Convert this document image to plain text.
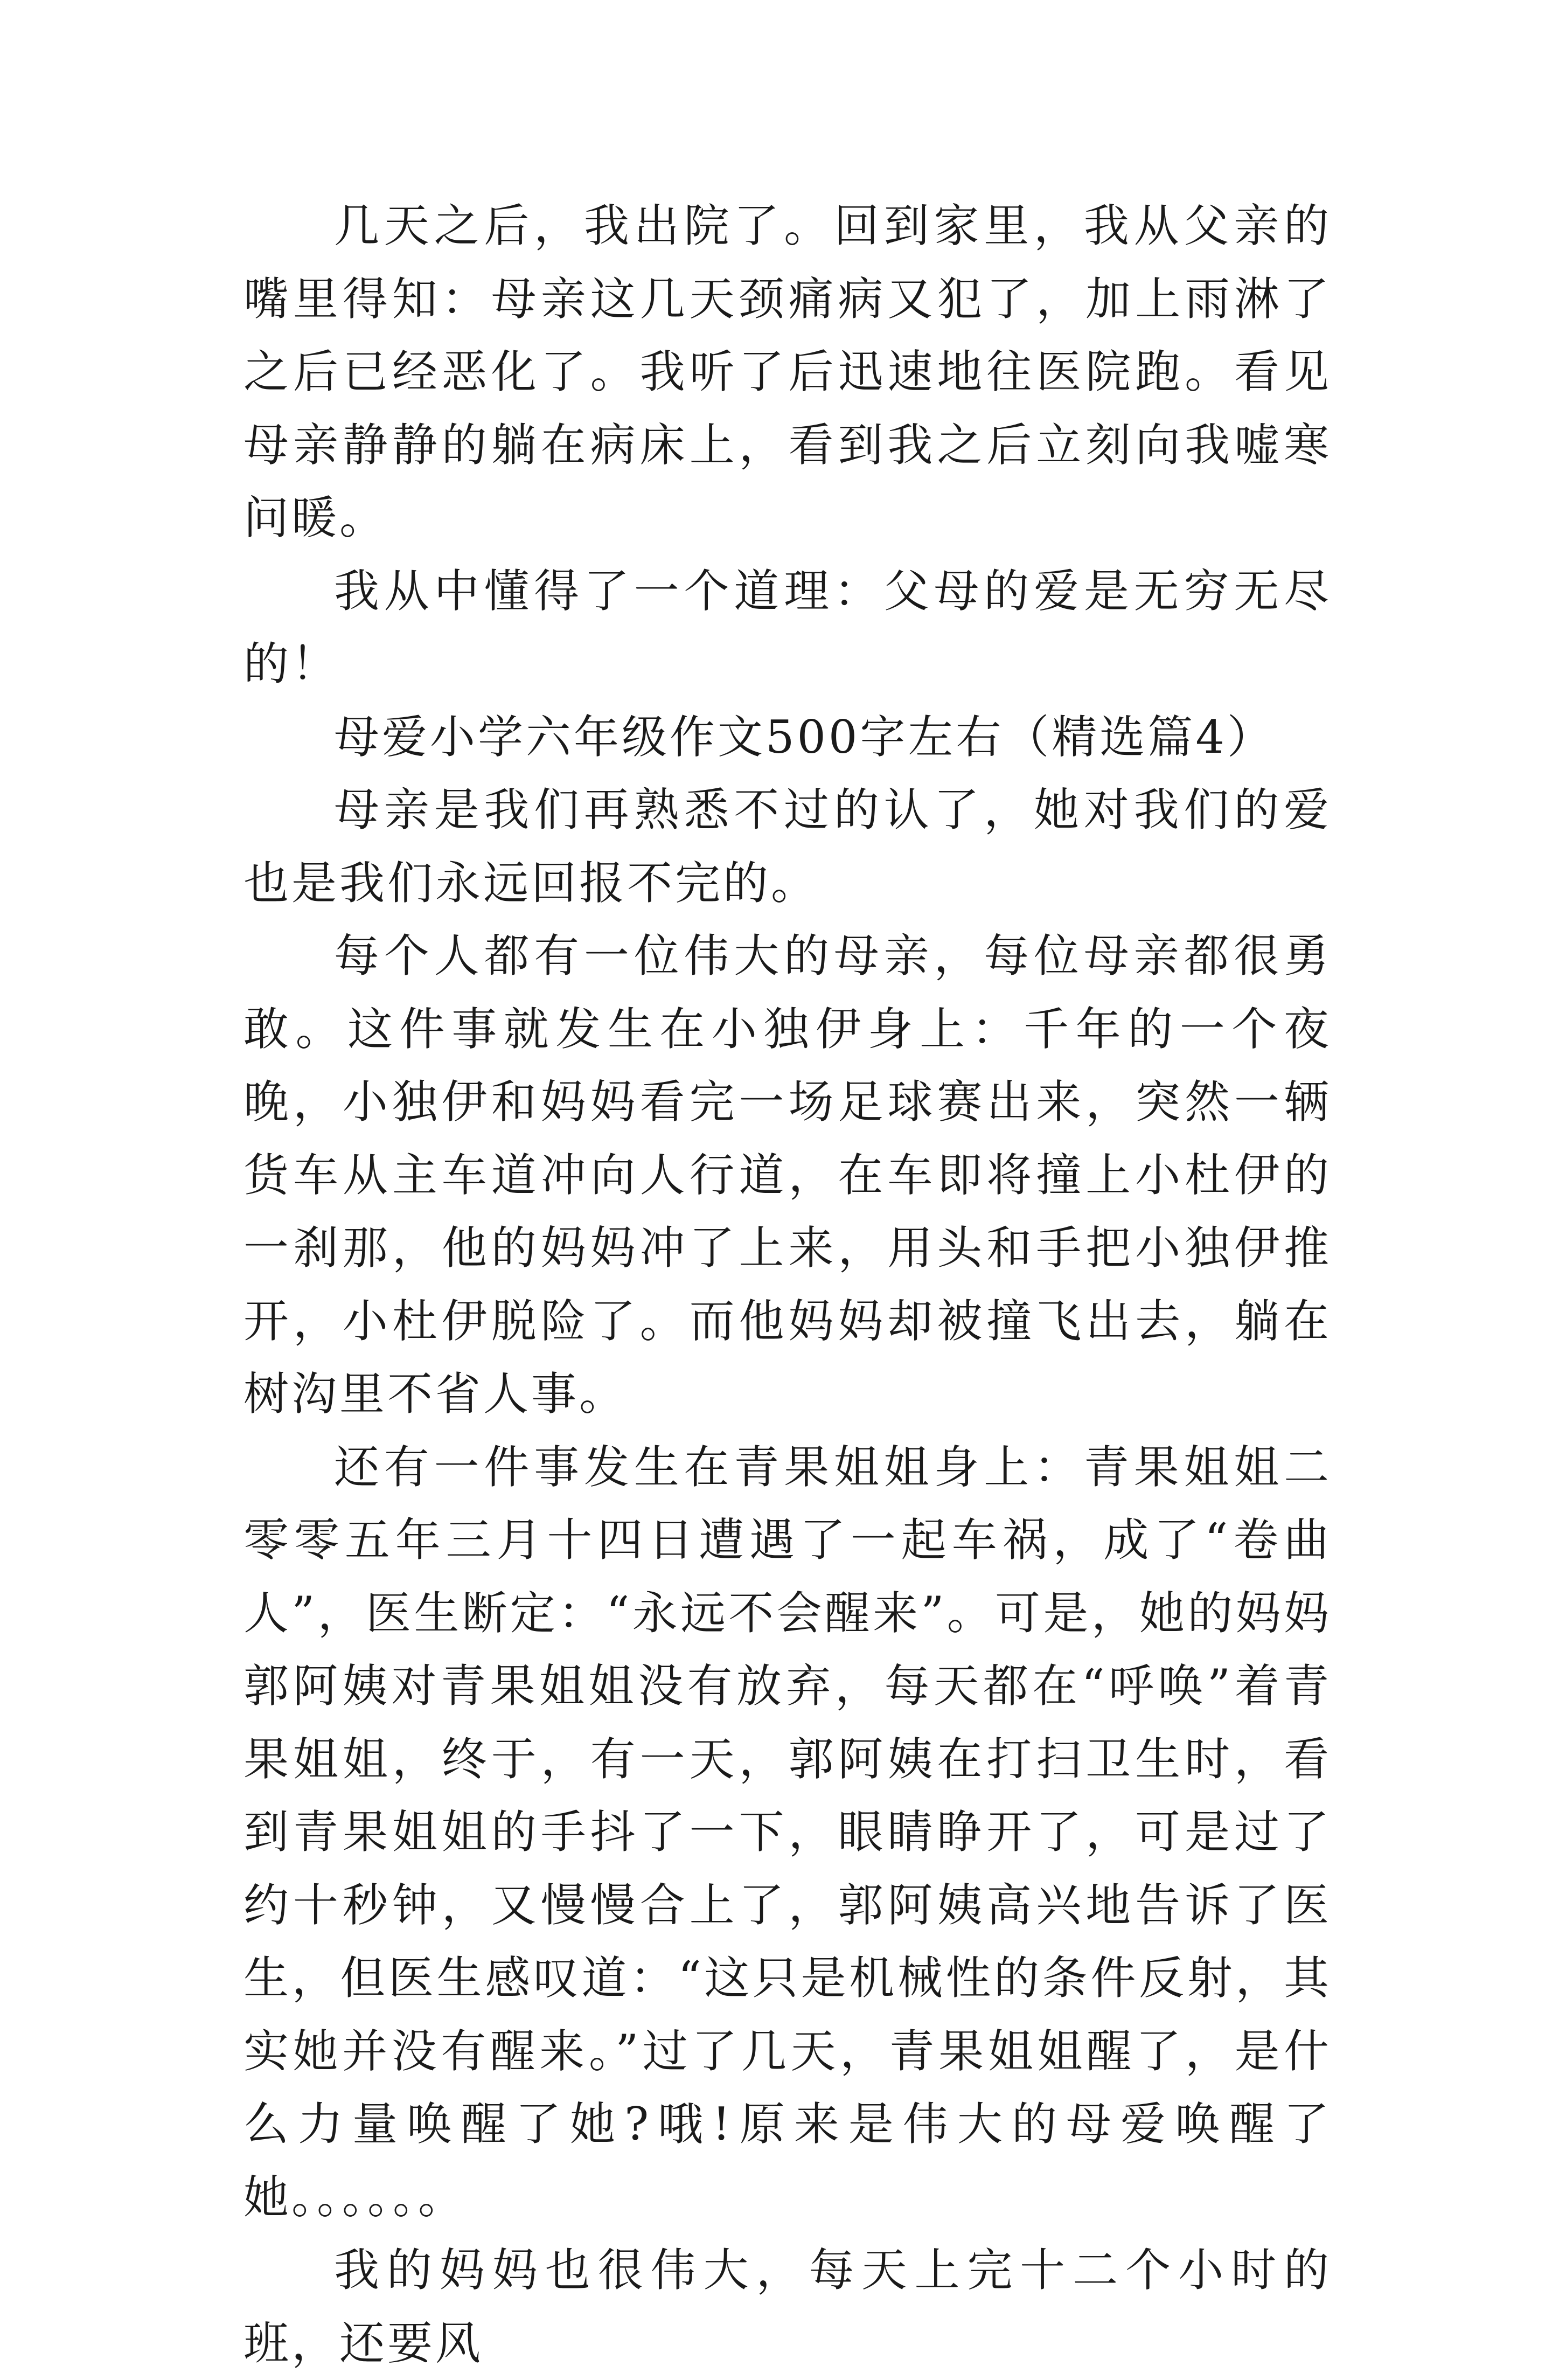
几天之后，我出院了。回到家里，我从父亲的嘴里得知：母亲这几天颈痛病又犯了，加上雨淋了之后已经恶化了。我听了后迅速地往医院跑。看见母亲静静的躺在病床上，看到我之后立刻向我嘘寒问暖。

我从中懂得了一个道理：父母的爱是无穷无尽的！

母爱小学六年级作文500字左右（精选篇4）

母亲是我们再熟悉不过的认了，她对我们的爱也是我们永远回报不完的。

每个人都有一位伟大的母亲，每位母亲都很勇敢。这件事就发生在小独伊身上：千年的一个夜晚，小独伊和妈妈看完一场足球赛出来，突然一辆货车从主车道冲向人行道，在车即将撞上小杜伊的一刹那，他的妈妈冲了上来，用头和手把小独伊推开，小杜伊脱险了。而他妈妈却被撞飞出去，躺在树沟里不省人事。

还有一件事发生在青果姐姐身上：青果姐姐二零零五年三月十四日遭遇了一起车祸，成了“卷曲人”，医生断定：“永远不会醒来”。可是，她的妈妈郭阿姨对青果姐姐没有放弃，每天都在“呼唤”着青果姐姐，终于，有一天，郭阿姨在打扫卫生时，看到青果姐姐的手抖了一下，眼睛睁开了，可是过了约十秒钟，又慢慢合上了，郭阿姨高兴地告诉了医生，但医生感叹道：“这只是机械性的条件反射，其实她并没有醒来。”过了几天，青果姐姐醒了，是什么力量唤醒了她?哦!原来是伟大的母爱唤醒了她。。。。。。

我的妈妈也很伟大，每天上完十二个小时的班，还要风
